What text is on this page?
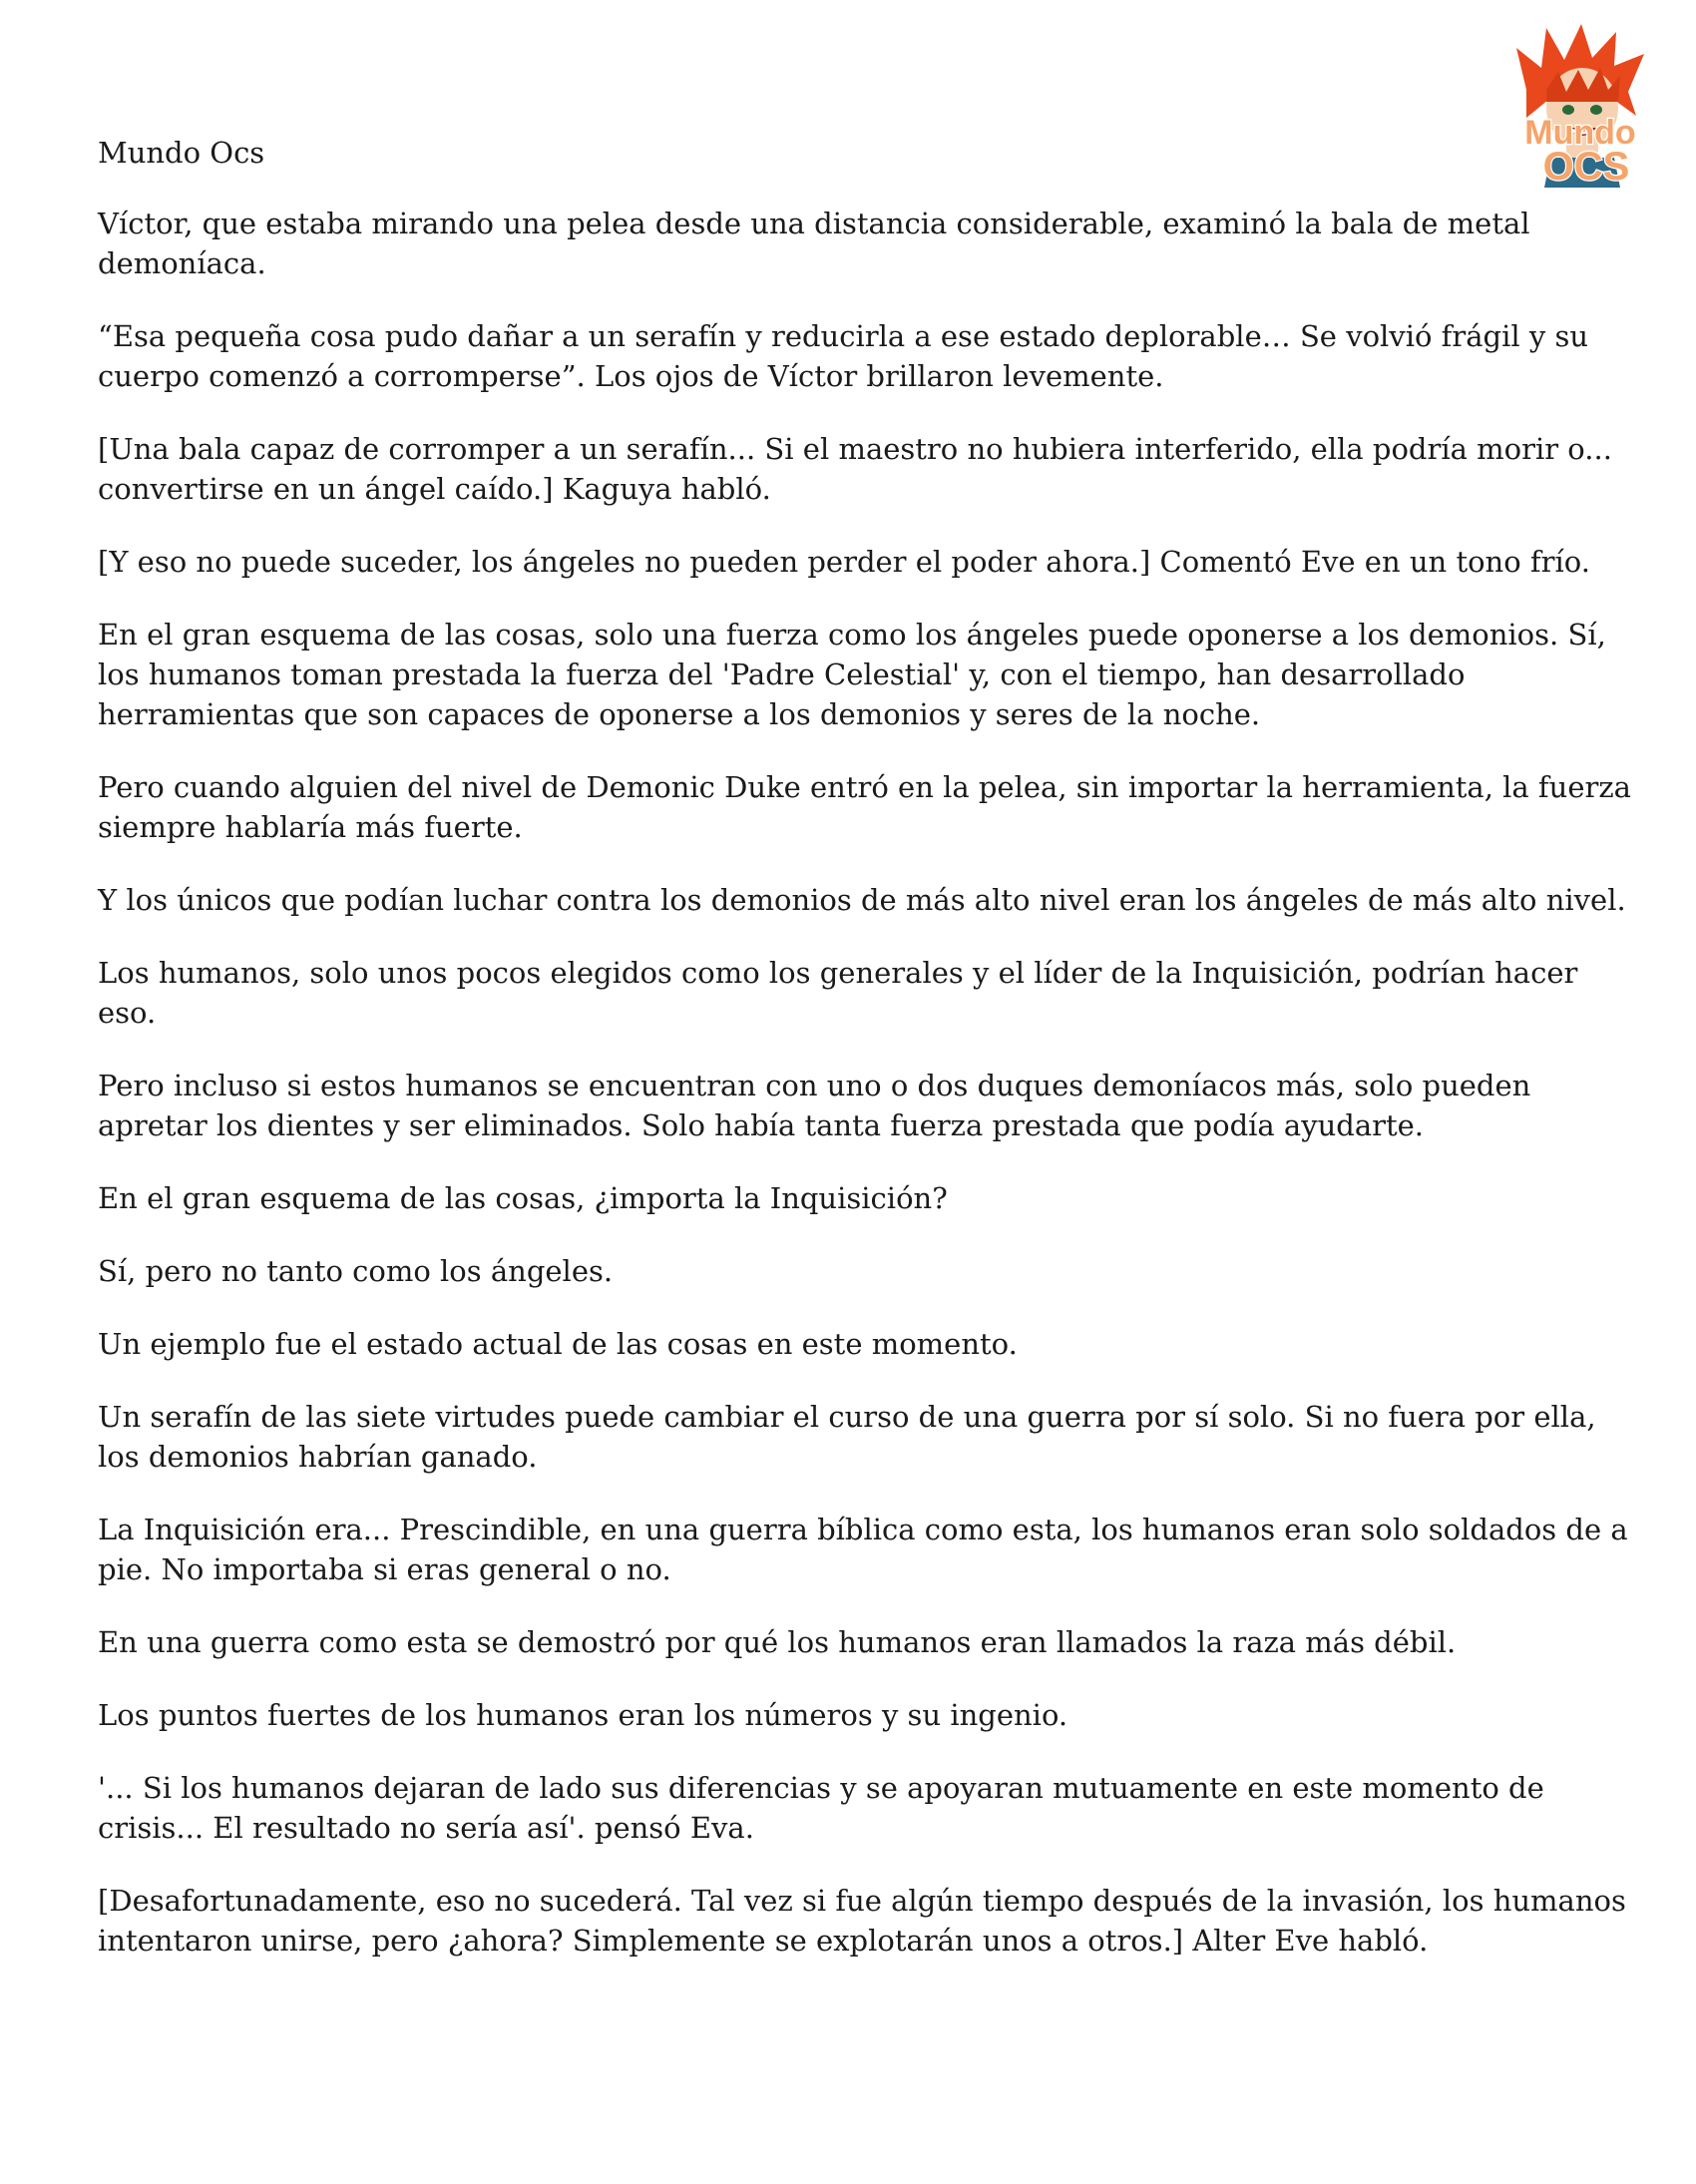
Mundo
OCS

Mundo Ocs

Víctor, que estaba mirando una pelea desde una distancia considerable, examinó la bala de metal demoníaca.

“Esa pequeña cosa pudo dañar a un serafín y reducirla a ese estado deplorable… Se volvió frágil y su cuerpo comenzó a corromperse”. Los ojos de Víctor brillaron levemente.

[Una bala capaz de corromper a un serafín... Si el maestro no hubiera interferido, ella podría morir o... convertirse en un ángel caído.] Kaguya habló.

[Y eso no puede suceder, los ángeles no pueden perder el poder ahora.] Comentó Eve en un tono frío.

En el gran esquema de las cosas, solo una fuerza como los ángeles puede oponerse a los demonios. Sí, los humanos toman prestada la fuerza del 'Padre Celestial' y, con el tiempo, han desarrollado herramientas que son capaces de oponerse a los demonios y seres de la noche.

Pero cuando alguien del nivel de Demonic Duke entró en la pelea, sin importar la herramienta, la fuerza siempre hablaría más fuerte.

Y los únicos que podían luchar contra los demonios de más alto nivel eran los ángeles de más alto nivel.

Los humanos, solo unos pocos elegidos como los generales y el líder de la Inquisición, podrían hacer eso.

Pero incluso si estos humanos se encuentran con uno o dos duques demoníacos más, solo pueden apretar los dientes y ser eliminados. Solo había tanta fuerza prestada que podía ayudarte.

En el gran esquema de las cosas, ¿importa la Inquisición?

Sí, pero no tanto como los ángeles.

Un ejemplo fue el estado actual de las cosas en este momento.

Un serafín de las siete virtudes puede cambiar el curso de una guerra por sí solo. Si no fuera por ella, los demonios habrían ganado.

La Inquisición era... Prescindible, en una guerra bíblica como esta, los humanos eran solo soldados de a pie. No importaba si eras general o no.

En una guerra como esta se demostró por qué los humanos eran llamados la raza más débil.

Los puntos fuertes de los humanos eran los números y su ingenio.

'... Si los humanos dejaran de lado sus diferencias y se apoyaran mutuamente en este momento de crisis... El resultado no sería así'. pensó Eva.

[Desafortunadamente, eso no sucederá. Tal vez si fue algún tiempo después de la invasión, los humanos intentaron unirse, pero ¿ahora? Simplemente se explotarán unos a otros.] Alter Eve habló.
